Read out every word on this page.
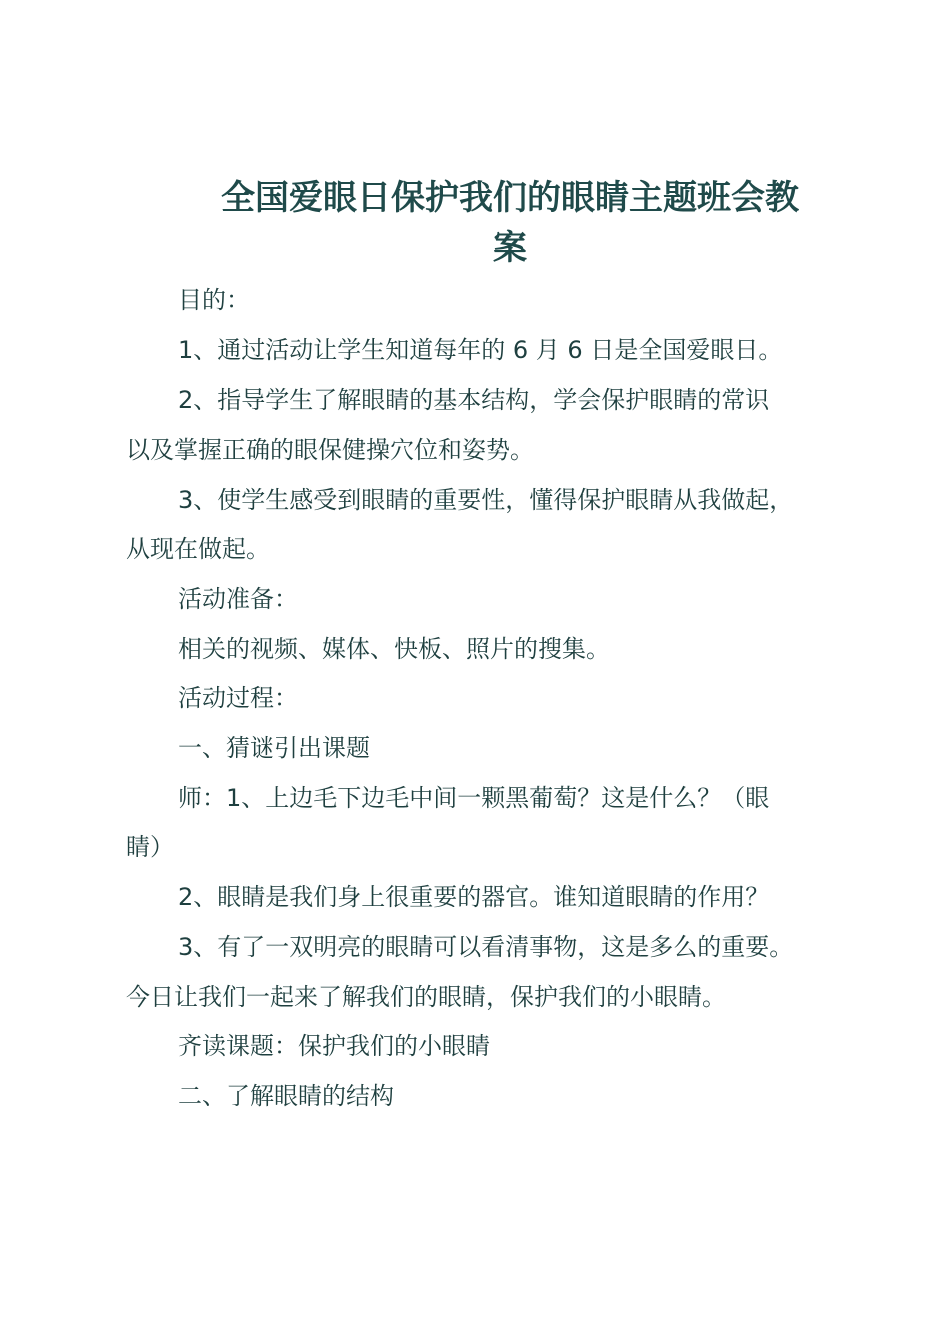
全国爱眼日保护我们的眼睛主题班会教
案

目的：

1、通过活动让学生知道每年的 6 月 6 日是全国爱眼日。

2、指导学生了解眼睛的基本结构，学会保护眼睛的常识

以及掌握正确的眼保健操穴位和姿势。

3、使学生感受到眼睛的重要性，懂得保护眼睛从我做起，

从现在做起。

活动准备：

相关的视频、媒体、快板、照片的搜集。

活动过程：

一、猜谜引出课题

师：1、上边毛下边毛中间一颗黑葡萄？这是什么？（眼

睛）

2、眼睛是我们身上很重要的器官。谁知道眼睛的作用？

3、有了一双明亮的眼睛可以看清事物，这是多么的重要。

今日让我们一起来了解我们的眼睛，保护我们的小眼睛。

齐读课题：保护我们的小眼睛

二、了解眼睛的结构
